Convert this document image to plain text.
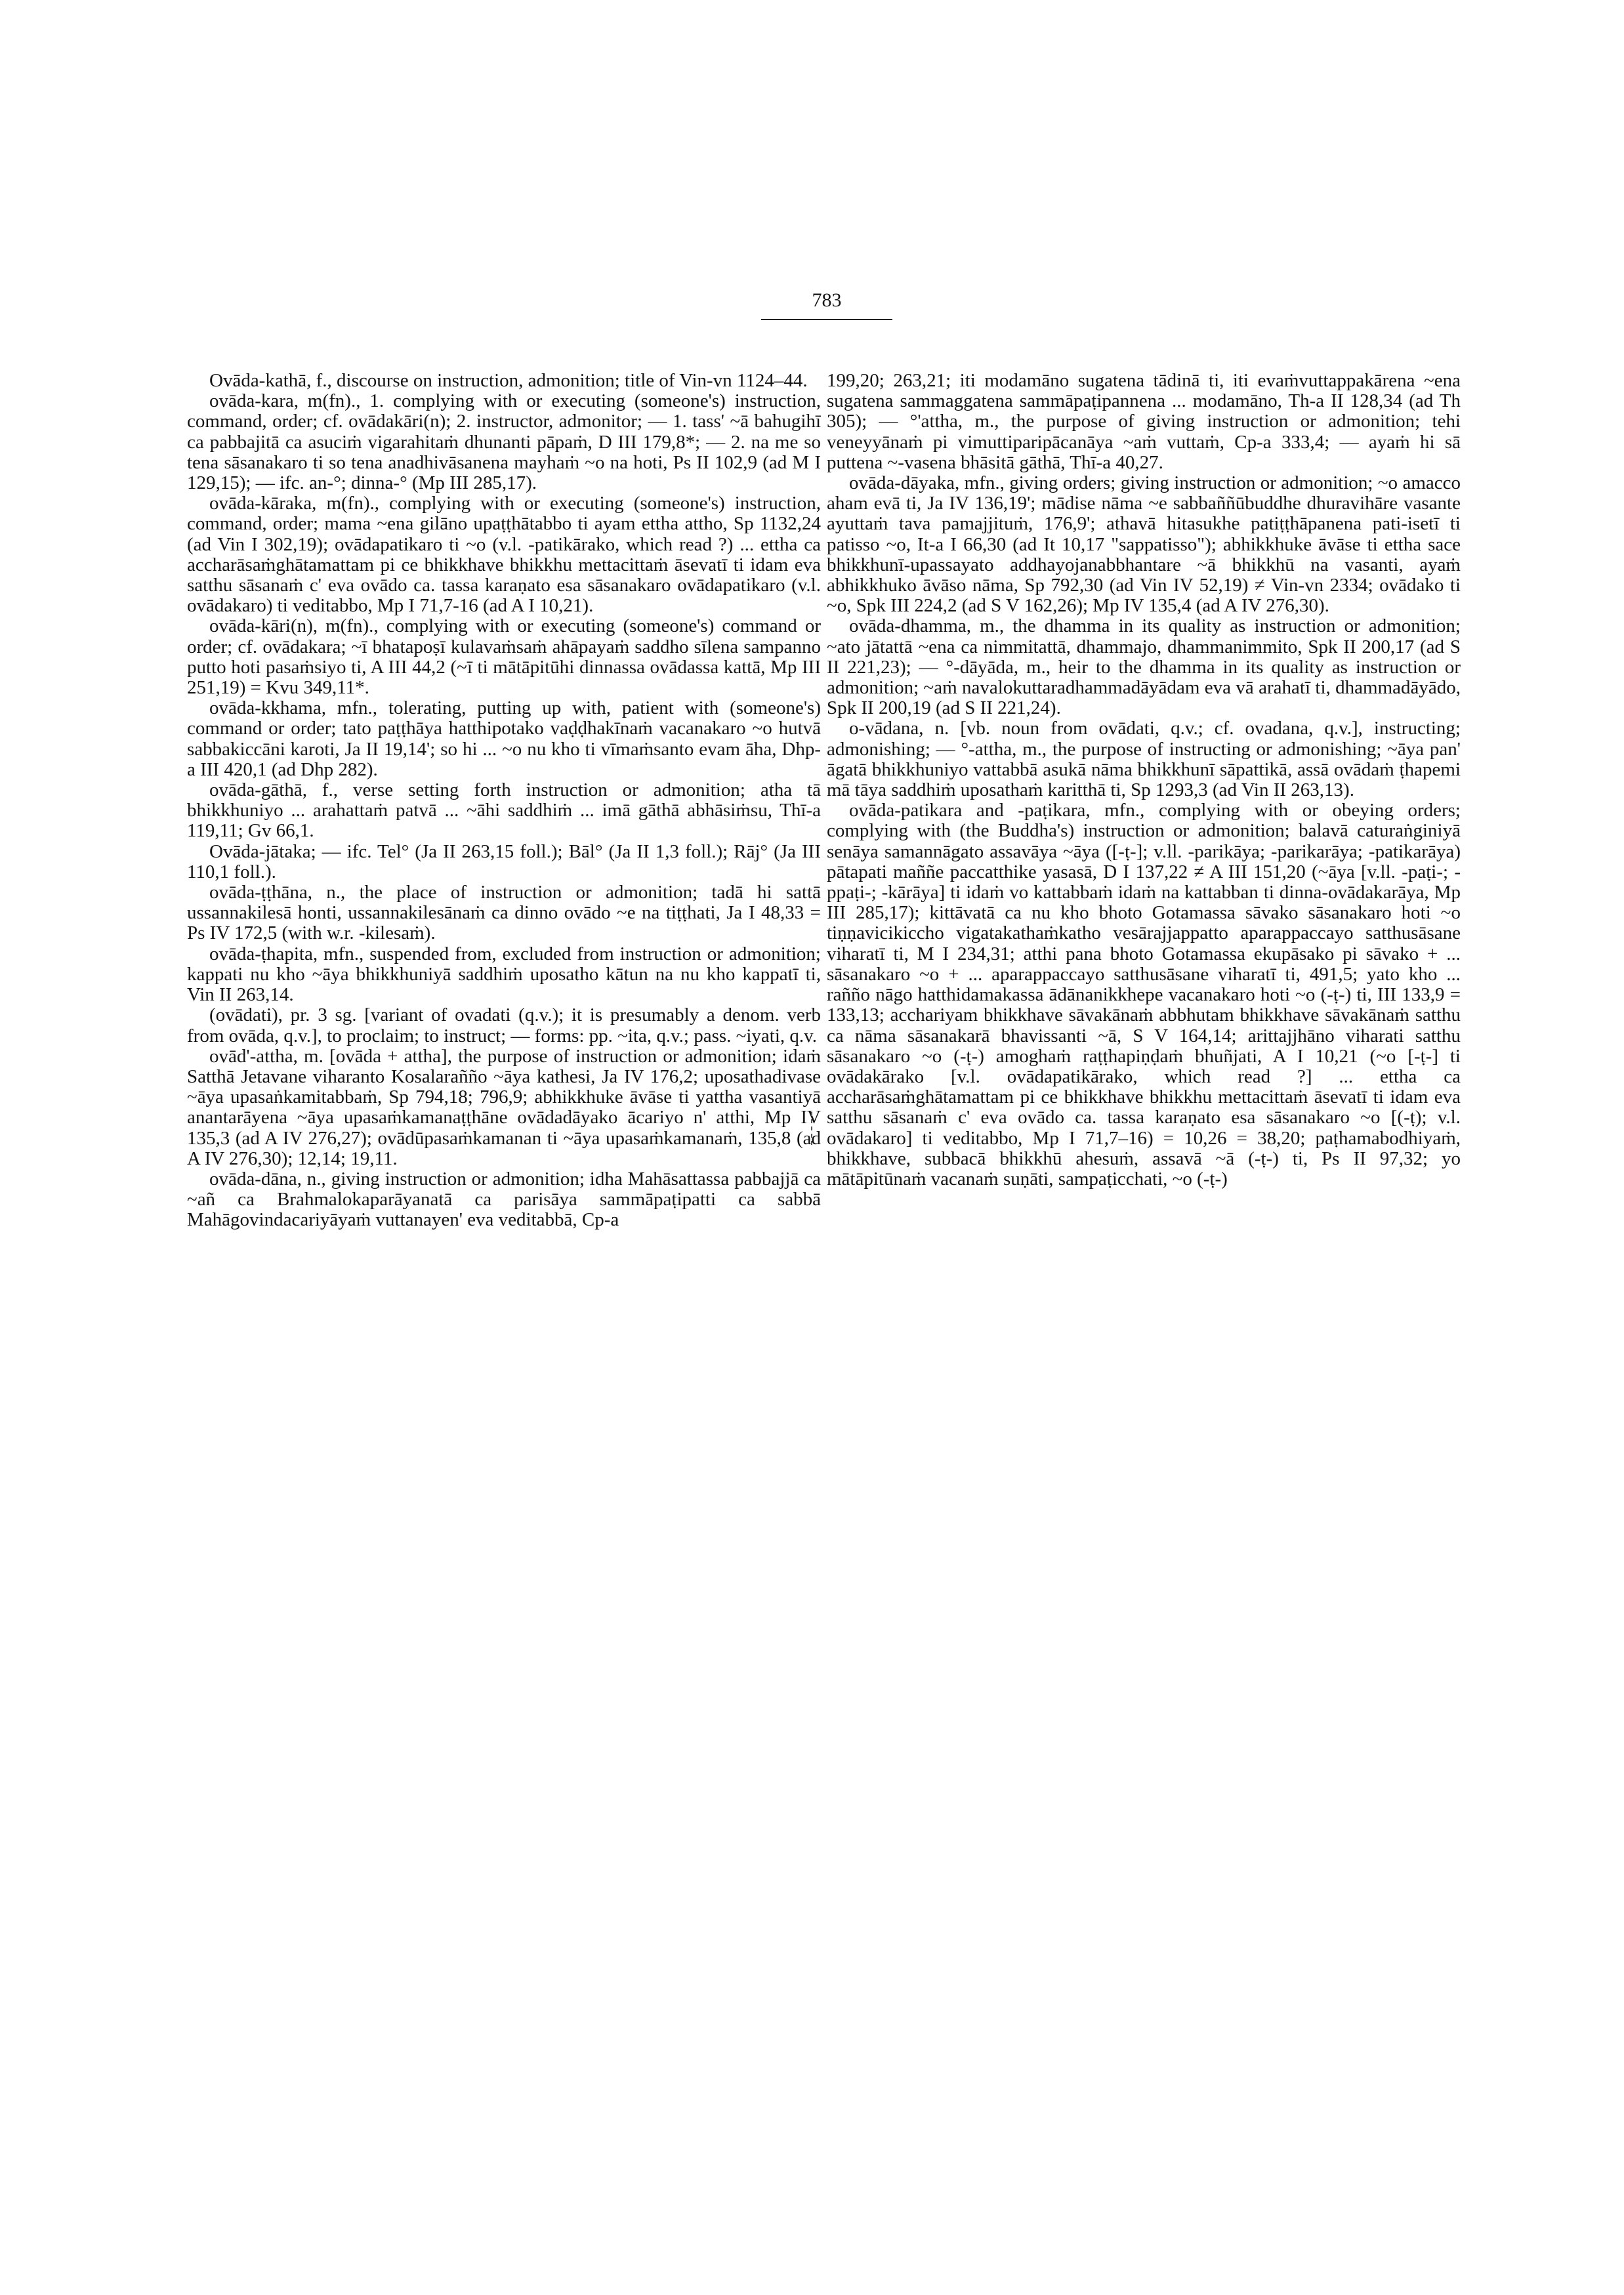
783

Ovāda-kathā, f., discourse on instruction, admonition; title of Vin-vn 1124–44.

ovāda-kara, m(fn)., 1. complying with or executing (someone's) instruction, command, order; cf. ovādakāri(n); 2. instructor, admonitor; — 1. tass' ~ā bahugihī ca pabbajitā ca asuciṁ vigarahitaṁ dhunanti pāpaṁ, D III 179,8*; — 2. na me so tena sāsanakaro ti so tena anadhivāsanena mayhaṁ ~o na hoti, Ps II 102,9 (ad M I 129,15); — ifc. an-°; dinna-° (Mp III 285,17).

ovāda-kāraka, m(fn)., complying with or executing (someone's) instruction, command, order; mama ~ena gilāno upaṭṭhātabbo ti ayam ettha attho, Sp 1132,24 (ad Vin I 302,19); ovādapatikaro ti ~o (v.l. -patikārako, which read ?) ... ettha ca accharāsaṁghātamattam pi ce bhikkhave bhikkhu mettacittaṁ āsevatī ti idam eva satthu sāsanaṁ c' eva ovādo ca. tassa karaṇato esa sāsanakaro ovādapatikaro (v.l. ovādakaro) ti veditabbo, Mp I 71,7-16 (ad A I 10,21).

ovāda-kāri(n), m(fn)., complying with or executing (someone's) command or order; cf. ovādakara; ~ī bhatapoṣī kulavaṁsaṁ ahāpayaṁ saddho sīlena sampanno putto hoti pasaṁsiyo ti, A III 44,2 (~ī ti mātāpitūhi dinnassa ovādassa kattā, Mp III 251,19) = Kvu 349,11*.

ovāda-kkhama, mfn., tolerating, putting up with, patient with (someone's) command or order; tato paṭṭhāya hatthipotako vaḍḍhakīnaṁ vacanakaro ~o hutvā sabbakiccāni karoti, Ja II 19,14'; so hi ... ~o nu kho ti vīmaṁsanto evam āha, Dhp-a III 420,1 (ad Dhp 282).

ovāda-gāthā, f., verse setting forth instruction or admonition; atha tā bhikkhuniyo ... arahattaṁ patvā ... ~āhi saddhiṁ ... imā gāthā abhāsiṁsu, Thī-a 119,11; Gv 66,1.

Ovāda-jātaka; — ifc. Tel° (Ja II 263,15 foll.); Bāl° (Ja II 1,3 foll.); Rāj° (Ja III 110,1 foll.).

ovāda-ṭṭhāna, n., the place of instruction or admonition; tadā hi sattā ussannakilesā honti, ussannakilesānaṁ ca dinno ovādo ~e na tiṭṭhati, Ja I 48,33 = Ps IV 172,5 (with w.r. -kilesaṁ).

ovāda-ṭhapita, mfn., suspended from, excluded from instruction or admonition; kappati nu kho ~āya bhikkhuniyā saddhiṁ uposatho kātun na nu kho kappatī ti, Vin II 263,14.

(ovādati), pr. 3 sg. [variant of ovadati (q.v.); it is presumably a denom. verb from ovāda, q.v.], to proclaim; to instruct; — forms: pp. ~ita, q.v.; pass. ~iyati, q.v.

ovād'-attha, m. [ovāda + attha], the purpose of instruction or admonition; idaṁ Satthā Jetavane viharanto Kosalarañño ~āya kathesi, Ja IV 176,2; uposathadivase ~āya upasaṅkamitabbaṁ, Sp 794,18; 796,9; abhikkhuke āvāse ti yattha vasantiyā anantarāyena ~āya upasaṁkamanaṭṭhāne ovādadāyako ācariyo n' atthi, Mp IV 135,3 (ad A IV 276,27); ovādūpasaṁkamanan ti ~āya upasaṁkamanaṁ, 135,8 (ad A IV 276,30); 12,14; 19,11.

ovāda-dāna, n., giving instruction or admonition; idha Mahāsattassa pabbajjā ca ~añ ca Brahmalokaparāyanatā ca parisāya sammāpaṭipatti ca sabbā Mahāgovindacariyāyaṁ vuttanayen' eva veditabbā, Cp-a

199,20; 263,21; iti modamāno sugatena tādinā ti, iti evaṁvuttappakārena ~ena sugatena sammaggatena sammāpaṭipannena ... modamāno, Th-a II 128,34 (ad Th 305); — °'attha, m., the purpose of giving instruction or admonition; tehi veneyyānaṁ pi vimuttiparipācanāya ~aṁ vuttaṁ, Cp-a 333,4; — ayaṁ hi sā puttena ~-vasena bhāsitā gāthā, Thī-a 40,27.

ovāda-dāyaka, mfn., giving orders; giving instruction or admonition; ~o amacco aham evā ti, Ja IV 136,19'; mādise nāma ~e sabbaññūbuddhe dhuravihāre vasante ayuttaṁ tava pamajjituṁ, 176,9'; athavā hitasukhe patiṭṭhāpanena pati-isetī ti patisso ~o, It-a I 66,30 (ad It 10,17 "sappatisso"); abhikkhuke āvāse ti ettha sace bhikkhunī-upassayato addhayojanabbhantare ~ā bhikkhū na vasanti, ayaṁ abhikkhuko āvāso nāma, Sp 792,30 (ad Vin IV 52,19) ≠ Vin-vn 2334; ovādako ti ~o, Spk III 224,2 (ad S V 162,26); Mp IV 135,4 (ad A IV 276,30).

ovāda-dhamma, m., the dhamma in its quality as instruction or admonition; ~ato jātattā ~ena ca nimmitattā, dhammajo, dhammanimmito, Spk II 200,17 (ad S II 221,23); — °-dāyāda, m., heir to the dhamma in its quality as instruction or admonition; ~aṁ navalokuttaradhammadāyādam eva vā arahatī ti, dhammadāyādo, Spk II 200,19 (ad S II 221,24).

o-vādana, n. [vb. noun from ovādati, q.v.; cf. ovadana, q.v.], instructing; admonishing; — °-attha, m., the purpose of instructing or admonishing; ~āya pan' āgatā bhikkhuniyo vattabbā asukā nāma bhikkhunī sāpattikā, assā ovādaṁ ṭhapemi mā tāya saddhiṁ uposathaṁ karitthā ti, Sp 1293,3 (ad Vin II 263,13).

ovāda-patikara and -paṭikara, mfn., complying with or obeying orders; complying with (the Buddha's) instruction or admonition; balavā caturaṅginiyā senāya samannāgato assavāya ~āya ([-ṭ-]; v.ll. -parikāya; -parikarāya; -patikarāya) pātapati maññe paccatthike yasasā, D I 137,22 ≠ A III 151,20 (~āya [v.ll. -paṭi-; -ppaṭi-; -kārāya] ti idaṁ vo kattabbaṁ idaṁ na kattabban ti dinna-ovādakarāya, Mp III 285,17); kittāvatā ca nu kho bhoto Gotamassa sāvako sāsanakaro hoti ~o tiṇṇavicikiccho vigatakathaṁkatho vesārajjappatto aparappaccayo satthusāsane viharatī ti, M I 234,31; atthi pana bhoto Gotamassa ekupāsako pi sāvako + ... sāsanakaro ~o + ... aparappaccayo satthusāsane viharatī ti, 491,5; yato kho ... rañño nāgo hatthidamakassa ādānanikkhepe vacanakaro hoti ~o (-ṭ-) ti, III 133,9 = 133,13; acchariyam bhikkhave sāvakānaṁ abbhutam bhikkhave sāvakānaṁ satthu ca nāma sāsanakarā bhavissanti ~ā, S V 164,14; arittajjhāno viharati satthu sāsanakaro ~o (-ṭ-) amoghaṁ raṭṭhapiṇḍaṁ bhuñjati, A I 10,21 (~o [-ṭ-] ti ovādakārako [v.l. ovādapatikārako, which read ?] ... ettha ca accharāsaṁghātamattam pi ce bhikkhave bhikkhu mettacittaṁ āsevatī ti idam eva satthu sāsanaṁ c' eva ovādo ca. tassa karaṇato esa sāsanakaro ~o [(-ṭ); v.l. ovādakaro] ti veditabbo, Mp I 71,7–16) = 10,26 = 38,20; paṭhamabodhiyaṁ, bhikkhave, subbacā bhikkhū ahesuṁ, assavā ~ā (-ṭ-) ti, Ps II 97,32; yo mātāpitūnaṁ vacanaṁ suṇāti, sampaṭicchati, ~o (-ṭ-)
